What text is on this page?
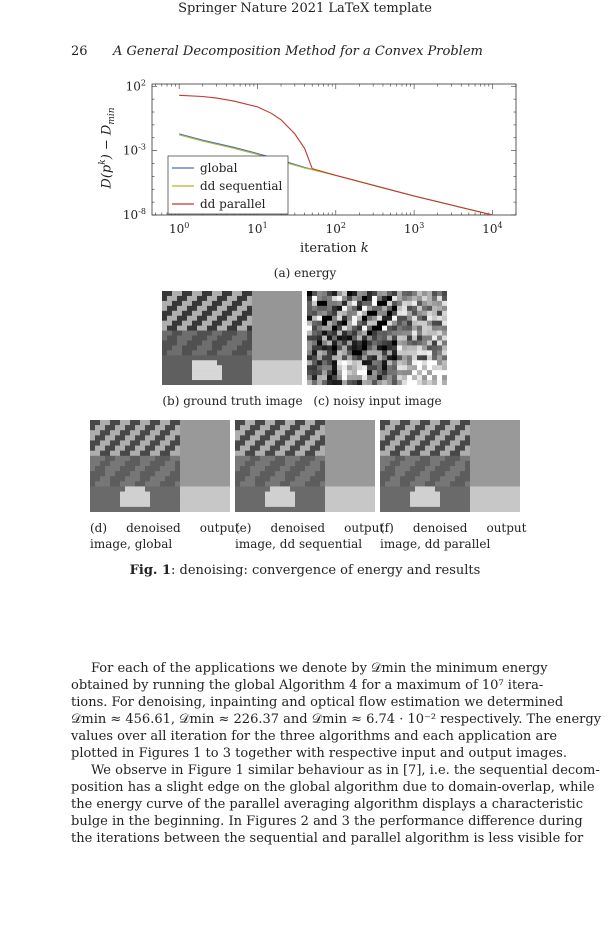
Springer Nature 2021 LaTeX template
26 A General Decomposition Method for a Convex Problem
$10^0$	$10^1$	$10^2$	$10^3$	$10^4$
$10^2$
$10^{-3}$
$10^{-8}$
global
dd sequential
dd parallel
$D(p^k) - D_{min}$
iteration k
(a) energy
(b) ground truth image (c) noisy input image
(d)     denoised     output
image, global
(e)     denoised     output
image, dd sequential
(f)     denoised     output
image, dd parallel
Fig. 1: denoising: convergence of energy and results
For each of the applications we denote by 𝒟min the minimum energy
obtained by running the global Algorithm 4 for a maximum of 10⁷ itera-
tions. For denoising, inpainting and optical flow estimation we determined
𝒟min ≈ 456.61, 𝒟min ≈ 226.37 and 𝒟min ≈ 6.74 · 10⁻² respectively. The energy
values over all iteration for the three algorithms and each application are
plotted in Figures 1 to 3 together with respective input and output images.
We observe in Figure 1 similar behaviour as in [7], i.e. the sequential decom-
position has a slight edge on the global algorithm due to domain-overlap, while
the energy curve of the parallel averaging algorithm displays a characteristic
bulge in the beginning. In Figures 2 and 3 the performance difference during
the iterations between the sequential and parallel algorithm is less visible for
